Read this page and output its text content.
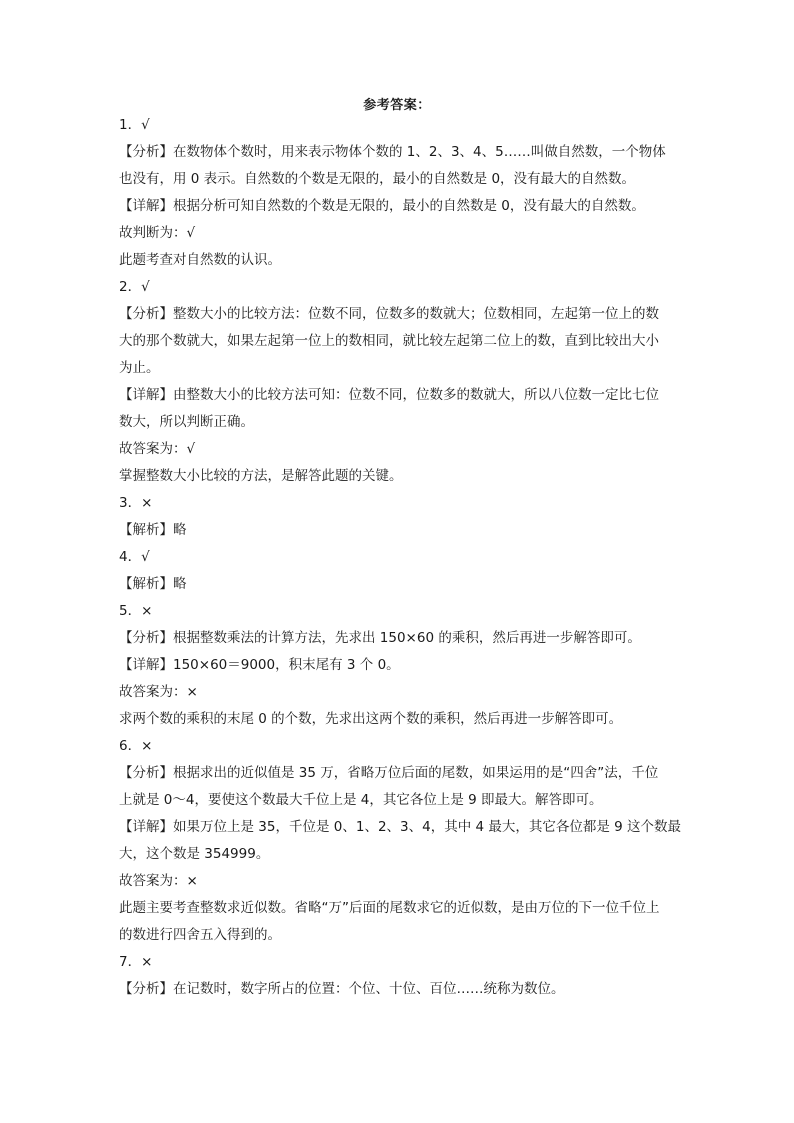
参考答案：
1．√
【分析】在数物体个数时，用来表示物体个数的 1、2、3、4、5……叫做自然数，一个物体
也没有，用 0 表示。自然数的个数是无限的，最小的自然数是 0，没有最大的自然数。
【详解】根据分析可知自然数的个数是无限的，最小的自然数是 0，没有最大的自然数。
故判断为：√
此题考查对自然数的认识。
2．√
【分析】整数大小的比较方法：位数不同，位数多的数就大；位数相同，左起第一位上的数
大的那个数就大，如果左起第一位上的数相同，就比较左起第二位上的数，直到比较出大小
为止。
【详解】由整数大小的比较方法可知：位数不同，位数多的数就大，所以八位数一定比七位
数大，所以判断正确。
故答案为：√
掌握整数大小比较的方法，是解答此题的关键。
3．×
【解析】略
4．√
【解析】略
5．×
【分析】根据整数乘法的计算方法，先求出 150×60 的乘积，然后再进一步解答即可。
【详解】150×60＝9000，积末尾有 3 个 0。
故答案为：×
求两个数的乘积的末尾 0 的个数，先求出这两个数的乘积，然后再进一步解答即可。
6．×
【分析】根据求出的近似值是 35 万，省略万位后面的尾数，如果运用的是“四舍”法，千位
上就是 0～4，要使这个数最大千位上是 4，其它各位上是 9 即最大。解答即可。
【详解】如果万位上是 35，千位是 0、1、2、3、4，其中 4 最大，其它各位都是 9 这个数最
大，这个数是 354999。
故答案为：×
此题主要考查整数求近似数。省略“万”后面的尾数求它的近似数，是由万位的下一位千位上
的数进行四舍五入得到的。
7．×
【分析】在记数时，数字所占的位置：个位、十位、百位……统称为数位。
